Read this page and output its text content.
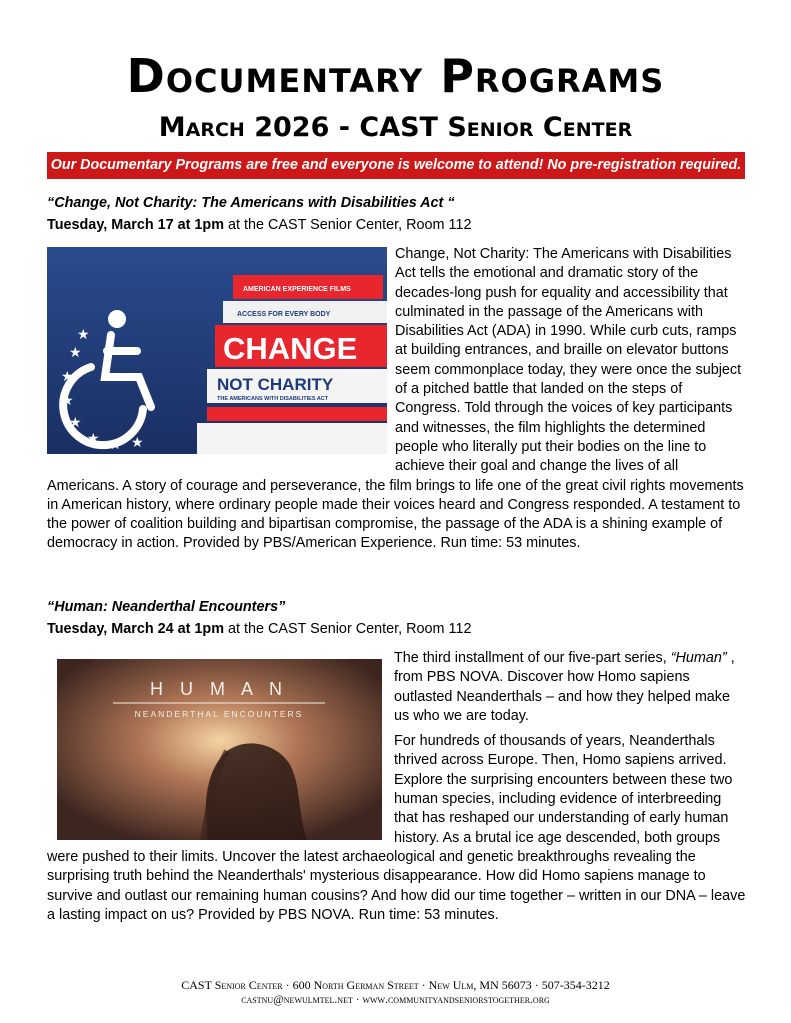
Documentary Programs
March 2026 - CAST Senior Center
Our Documentary Programs are free and everyone is welcome to attend! No pre-registration required.
“Change, Not Charity: The Americans with Disabilities Act “
Tuesday, March 17 at 1pm at the CAST Senior Center, Room 112
★
★
★
★
★ ★ ★
★
AMERICAN EXPERIENCE FILMS
ACCESS FOR EVERY BODY
CHANGE
NOT CHARITY
THE AMERICANS WITH DISABILITIES ACT

Change, Not Charity: The Americans with Disabilities Act tells the emotional and dramatic story of the decades-long push for equality and accessibility that culminated in the passage of the Americans with Disabilities Act (ADA) in 1990. While curb cuts, ramps at building entrances, and braille on elevator buttons seem commonplace today, they were once the subject of a pitched battle that landed on the steps of Congress. Told through the voices of key participants and witnesses, the film highlights the determined people who literally put their bodies on the line to achieve their goal and change the lives of all Americans. A story of courage and perseverance, the film brings to life one of the great civil rights movements in American history, where ordinary people made their voices heard and Congress responded. A testament to the power of coalition building and bipartisan compromise, the passage of the ADA is a shining example of democracy in action. Provided by PBS/American Experience. Run time: 53 minutes.

“Human: Neanderthal Encounters”
Tuesday, March 24 at 1pm at the CAST Senior Center, Room 112
H U M A N
NEANDERTHAL ENCOUNTERS

The third installment of our five-part series, “Human” , from PBS NOVA. Discover how Homo sapiens outlasted Neanderthals – and how they helped make us who we are today.

For hundreds of thousands of years, Neanderthals thrived across Europe. Then, Homo sapiens arrived. Explore the surprising encounters between these two human species, including evidence of interbreeding that has reshaped our understanding of early human history. As a brutal ice age descended, both groups were pushed to their limits. Uncover the latest archaeological and genetic breakthroughs revealing the surprising truth behind the Neanderthals' mysterious disappearance. How did Homo sapiens manage to survive and outlast our remaining human cousins? And how did our time together – written in our DNA – leave a lasting impact on us? Provided by PBS NOVA. Run time: 53 minutes.

CAST Senior Center · 600 North German Street · New Ulm, MN 56073 · 507-354-3212
castnu@newulmtel.net · www.communityandseniorstogether.org
